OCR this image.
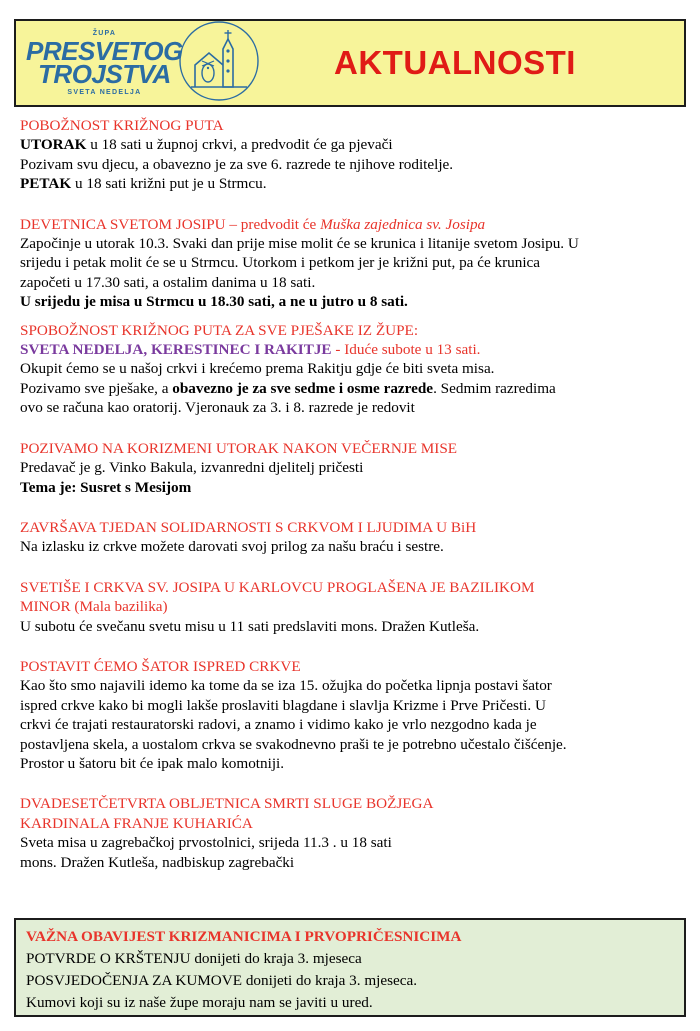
ŽUPA
PRESVETOG
TROJSTVA
SVETA NEDELJA
AKTUALNOSTI
POBOŽNOST KRIŽNOG PUTA
UTORAK u 18 sati u župnoj crkvi, a predvodit će ga pjevači
Pozivam svu djecu, a obavezno je za sve 6. razrede te njihove roditelje.
PETAK u 18 sati križni put je u Strmcu.
DEVETNICA SVETOM JOSIPU – predvodit će Muška zajednica sv. Josipa
Započinje u utorak 10.3. Svaki dan prije mise molit će se krunica i litanije svetom Josipu. U
srijedu i petak molit će se u Strmcu. Utorkom i petkom jer je križni put, pa će krunica
započeti u 17.30 sati, a ostalim danima u 18 sati.
U srijedu je misa u Strmcu u 18.30 sati, a ne u jutro u 8 sati.
SPOBOŽNOST KRIŽNOG PUTA ZA SVE PJEŠAKE IZ ŽUPE:
SVETA NEDELJA, KERESTINEC I RAKITJE - Iduće subote u 13 sati.
Okupit ćemo se u našoj crkvi i krećemo prema Rakitju gdje će biti sveta misa.
Pozivamo sve pješake, a obavezno je za sve sedme i osme razrede. Sedmim razredima
ovo se računa kao oratorij. Vjeronauk za 3. i 8. razrede je redovit
POZIVAMO NA KORIZMENI UTORAK NAKON VEČERNJE MISE
Predavač je g. Vinko Bakula, izvanredni djelitelj pričesti
Tema je: Susret s Mesijom
ZAVRŠAVA TJEDAN SOLIDARNOSTI S CRKVOM I LJUDIMA U BiH
Na izlasku iz crkve možete darovati svoj prilog za našu braću i sestre.
SVETIŠE I CRKVA SV. JOSIPA U KARLOVCU PROGLAŠENA JE BAZILIKOM
MINOR (Mala bazilika)
U subotu će svečanu svetu misu u 11 sati predslaviti mons. Dražen Kutleša.
POSTAVIT ĆEMO ŠATOR ISPRED CRKVE
Kao što smo najavili idemo ka tome da se iza 15. ožujka do početka lipnja postavi šator
ispred crkve kako bi mogli lakše proslaviti blagdane i slavlja Krizme i Prve Pričesti. U
crkvi će trajati restauratorski radovi, a znamo i vidimo kako je vrlo nezgodno kada je
postavljena skela, a uostalom crkva se svakodnevno praši te je potrebno učestalo čišćenje.
Prostor u šatoru bit će ipak malo komotniji.
DVADESETČETVRTA OBLJETNICA SMRTI SLUGE BOŽJEGA
KARDINALA FRANJE KUHARIĆA
Sveta misa u zagrebačkoj prvostolnici, srijeda 11.3 . u 18 sati
mons. Dražen Kutleša, nadbiskup zagrebački
VAŽNA OBAVIJEST KRIZMANICIMA I PRVOPRIČESNICIMA
POTVRDE O KRŠTENJU donijeti do kraja 3. mjeseca
POSVJEDOČENJA ZA KUMOVE donijeti do kraja 3. mjeseca.
Kumovi koji su iz naše župe moraju nam se javiti u ured.
